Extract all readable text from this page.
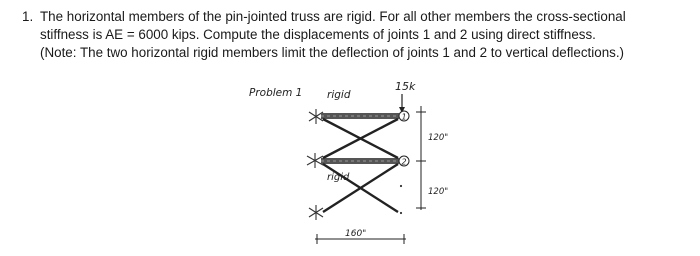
1. The horizontal members of the pin-jointed truss are rigid. For all other members the cross-sectional
stiffness is AE = 6000 kips. Compute the displacements of joints 1 and 2 using direct stiffness.
(Note: The two horizontal rigid members limit the deflection of joints 1 and 2 to vertical deflections.)
Problem 1 rigid
15k
1
2
rigid
120"
120"
160"
